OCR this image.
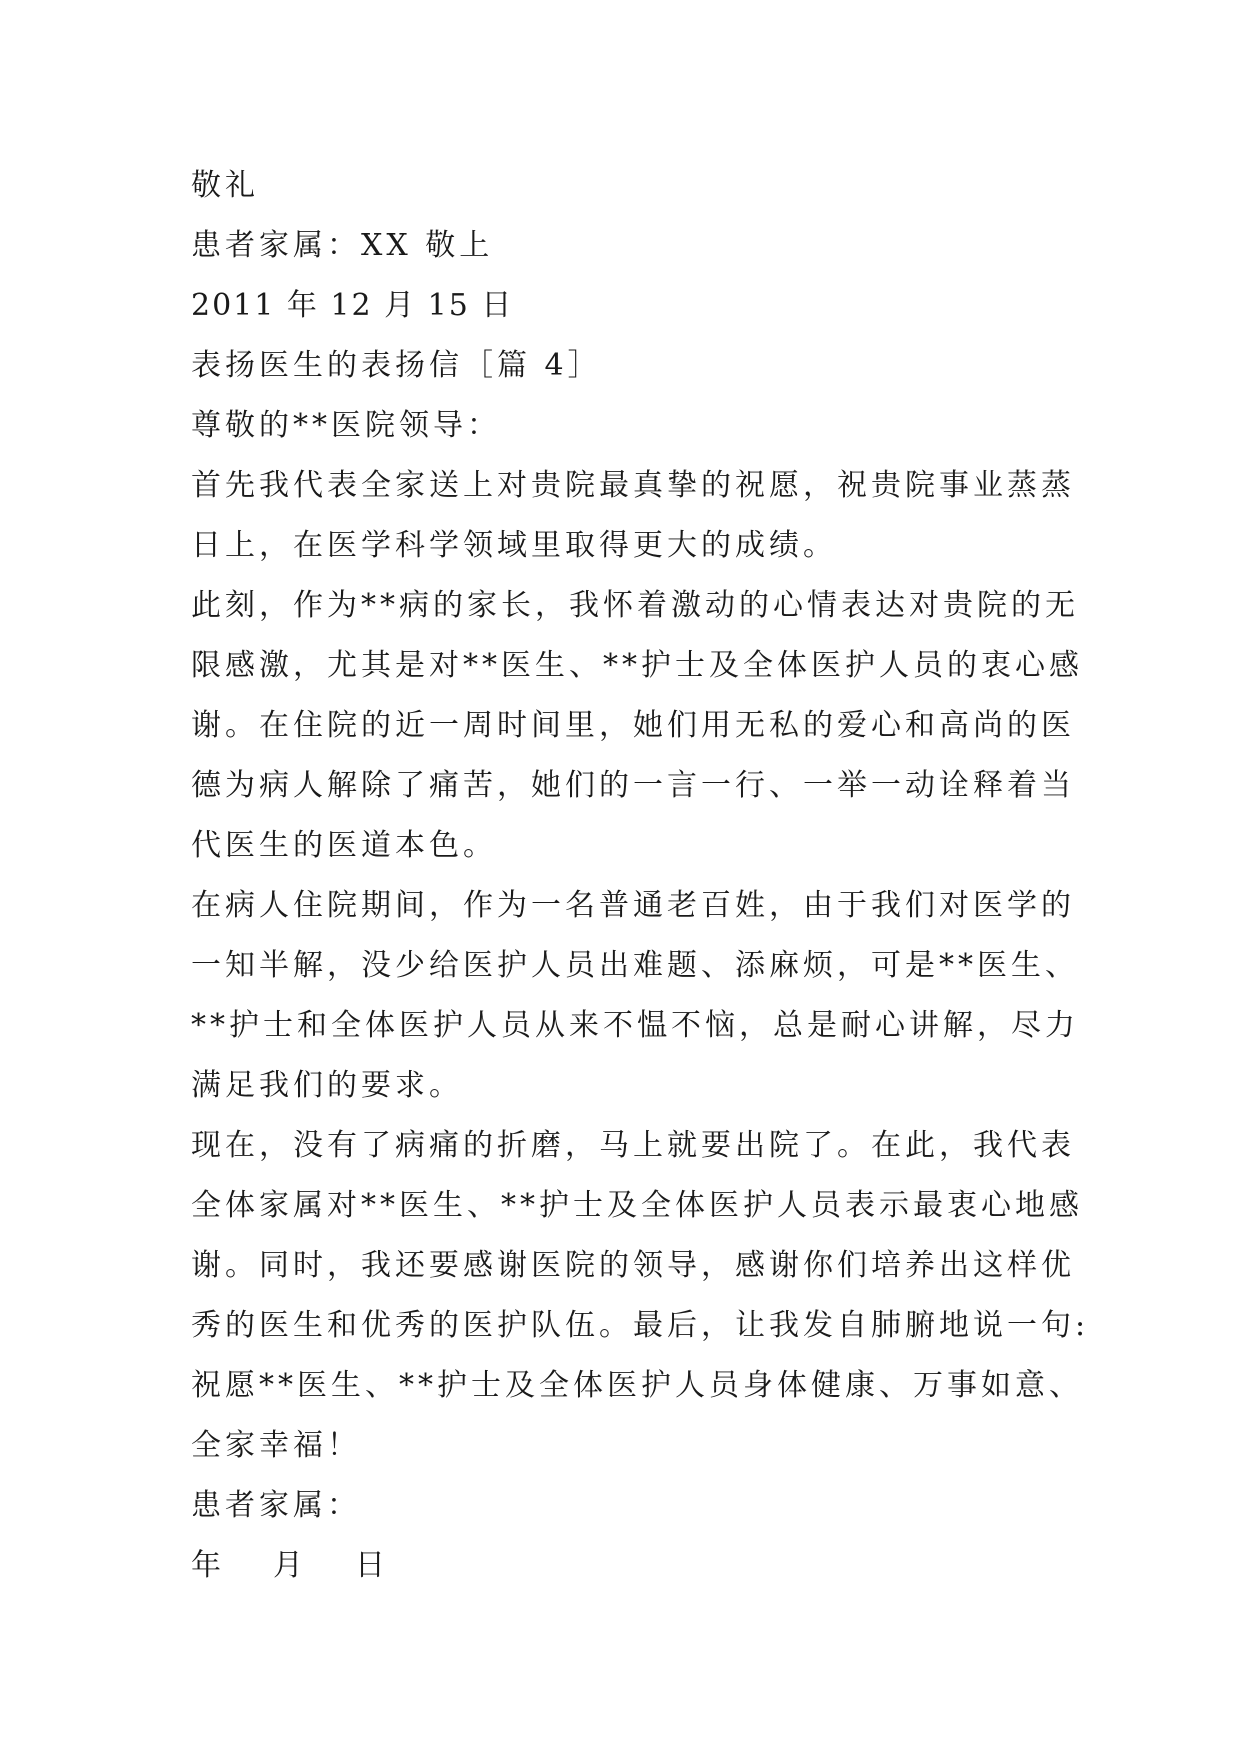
敬礼
患者家属：XX 敬上
2011 年 12 月 15 日
表扬医生的表扬信［篇 4］
尊敬的**医院领导：
首先我代表全家送上对贵院最真挚的祝愿，祝贵院事业蒸蒸
日上，在医学科学领域里取得更大的成绩。
此刻，作为**病的家长，我怀着激动的心情表达对贵院的无
限感激，尤其是对**医生、**护士及全体医护人员的衷心感
谢。在住院的近一周时间里，她们用无私的爱心和高尚的医
德为病人解除了痛苦，她们的一言一行、一举一动诠释着当
代医生的医道本色。
在病人住院期间，作为一名普通老百姓，由于我们对医学的
一知半解，没少给医护人员出难题、添麻烦，可是**医生、
**护士和全体医护人员从来不愠不恼，总是耐心讲解，尽力
满足我们的要求。
现在，没有了病痛的折磨，马上就要出院了。在此，我代表
全体家属对**医生、**护士及全体医护人员表示最衷心地感
谢。同时，我还要感谢医院的领导，感谢你们培养出这样优
秀的医生和优秀的医护队伍。最后，让我发自肺腑地说一句:
祝愿**医生、**护士及全体医护人员身体健康、万事如意、
全家幸福！
患者家属：
年	月	日
